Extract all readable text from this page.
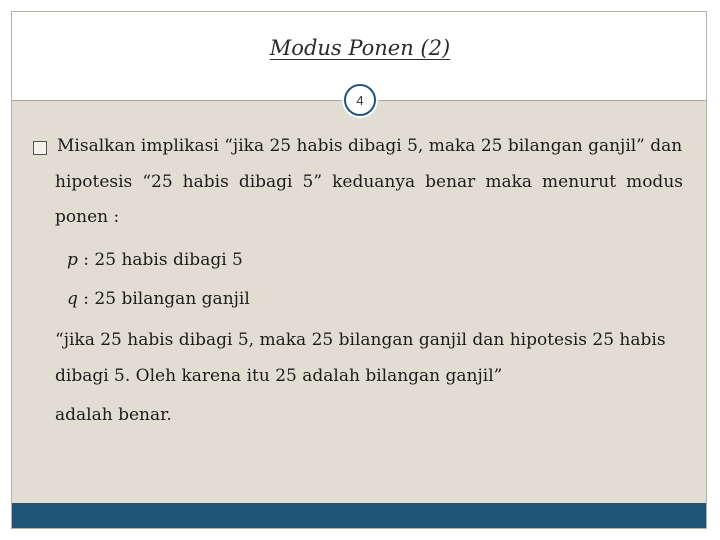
Modus Ponen (2)
4
Misalkan implikasi “jika 25 habis dibagi 5, maka 25 bilangan ganjil” dan
hipotesis “25 habis dibagi 5” keduanya benar maka menurut modus
ponen :
p : 25 habis dibagi 5
q : 25 bilangan ganjil
“jika 25 habis dibagi 5, maka 25 bilangan ganjil dan hipotesis 25 habis
dibagi 5. Oleh karena itu 25 adalah bilangan ganjil”
adalah benar.
